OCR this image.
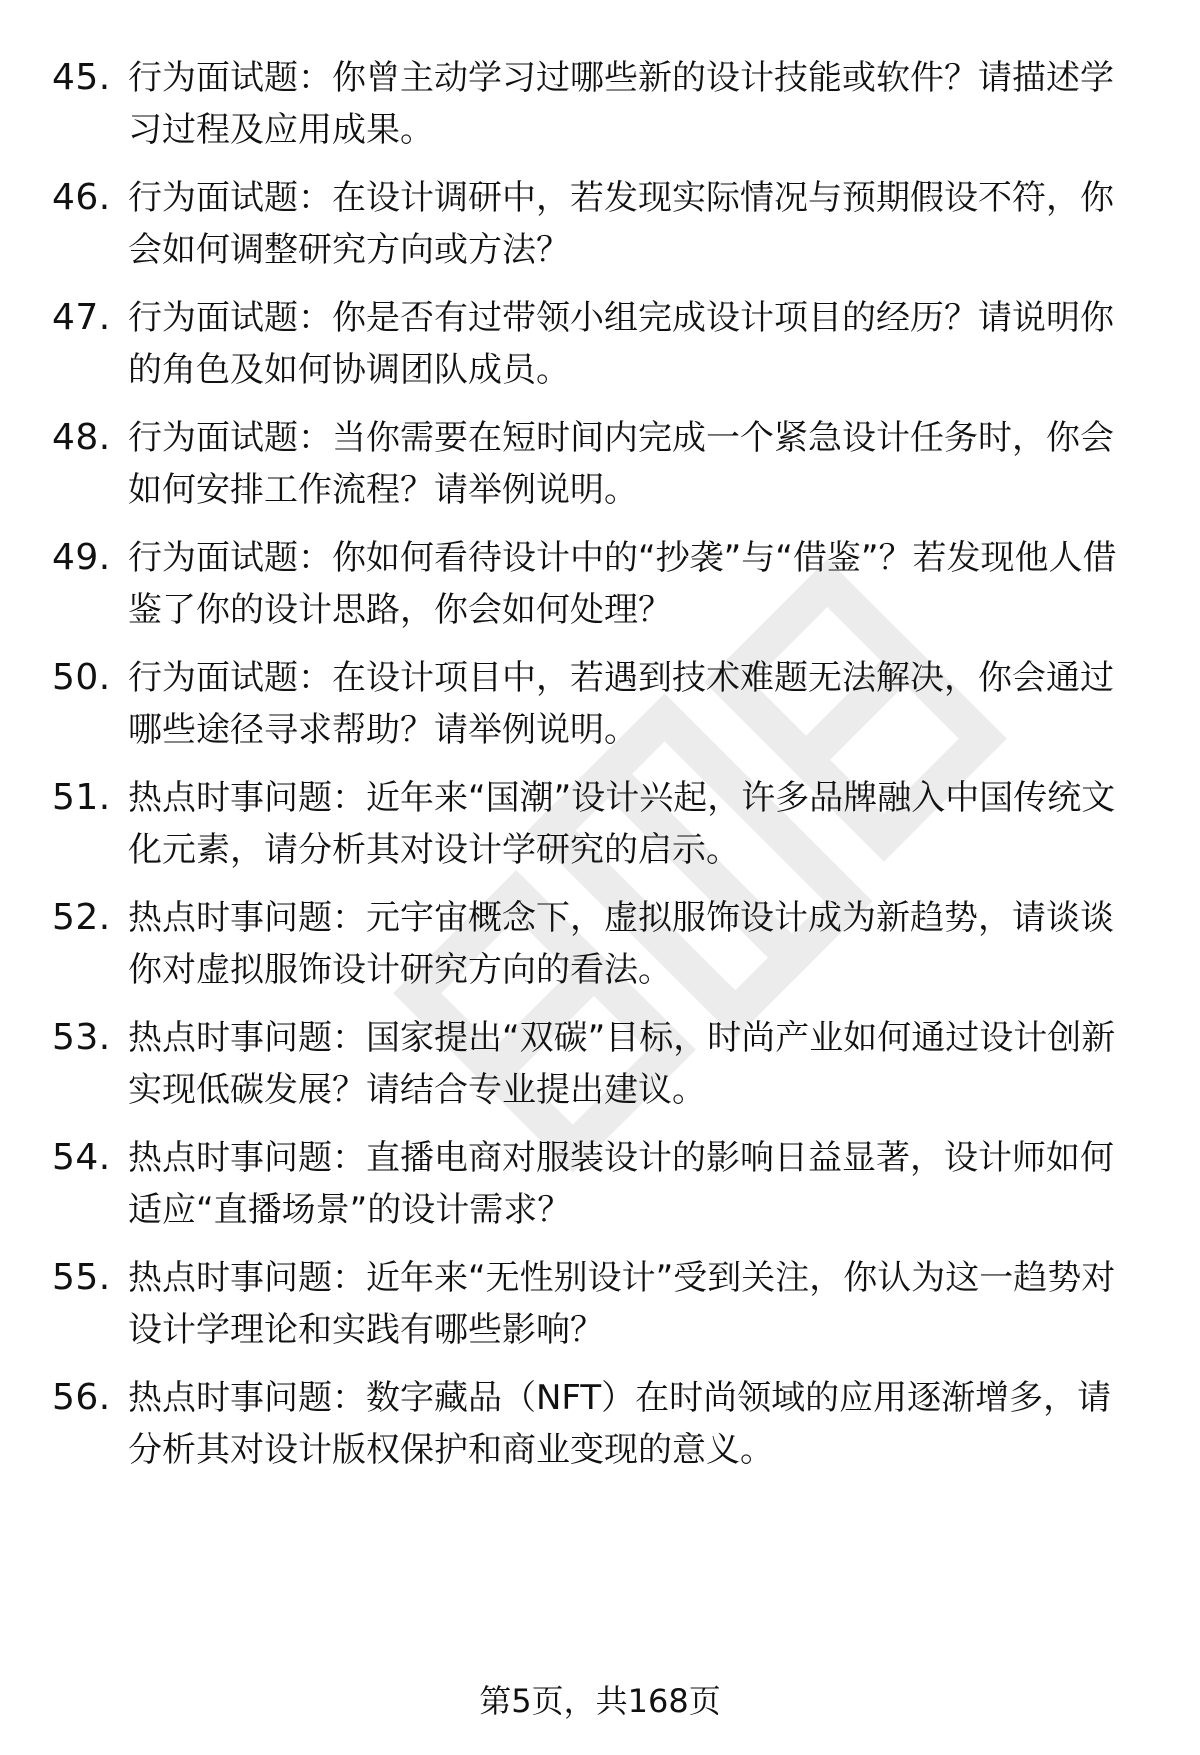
45. 行为面试题：你曾主动学习过哪些新的设计技能或软件？请描述学习过程及应用成果。
46. 行为面试题：在设计调研中，若发现实际情况与预期假设不符，你会如何调整研究方向或方法？
47. 行为面试题：你是否有过带领小组完成设计项目的经历？请说明你的角色及如何协调团队成员。
48. 行为面试题：当你需要在短时间内完成一个紧急设计任务时，你会如何安排工作流程？请举例说明。
49. 行为面试题：你如何看待设计中的“抄袭”与“借鉴”？若发现他人借鉴了你的设计思路，你会如何处理？
50. 行为面试题：在设计项目中，若遇到技术难题无法解决，你会通过哪些途径寻求帮助？请举例说明。
51. 热点时事问题：近年来“国潮”设计兴起，许多品牌融入中国传统文化元素，请分析其对设计学研究的启示。
52. 热点时事问题：元宇宙概念下，虚拟服饰设计成为新趋势，请谈谈你对虚拟服饰设计研究方向的看法。
53. 热点时事问题：国家提出“双碳”目标，时尚产业如何通过设计创新实现低碳发展？请结合专业提出建议。
54. 热点时事问题：直播电商对服装设计的影响日益显著，设计师如何适应“直播场景”的设计需求？
55. 热点时事问题：近年来“无性别设计”受到关注，你认为这一趋势对设计学理论和实践有哪些影响？
56. 热点时事问题：数字藏品（NFT）在时尚领域的应用逐渐增多，请分析其对设计版权保护和商业变现的意义。
第5页，共168页
